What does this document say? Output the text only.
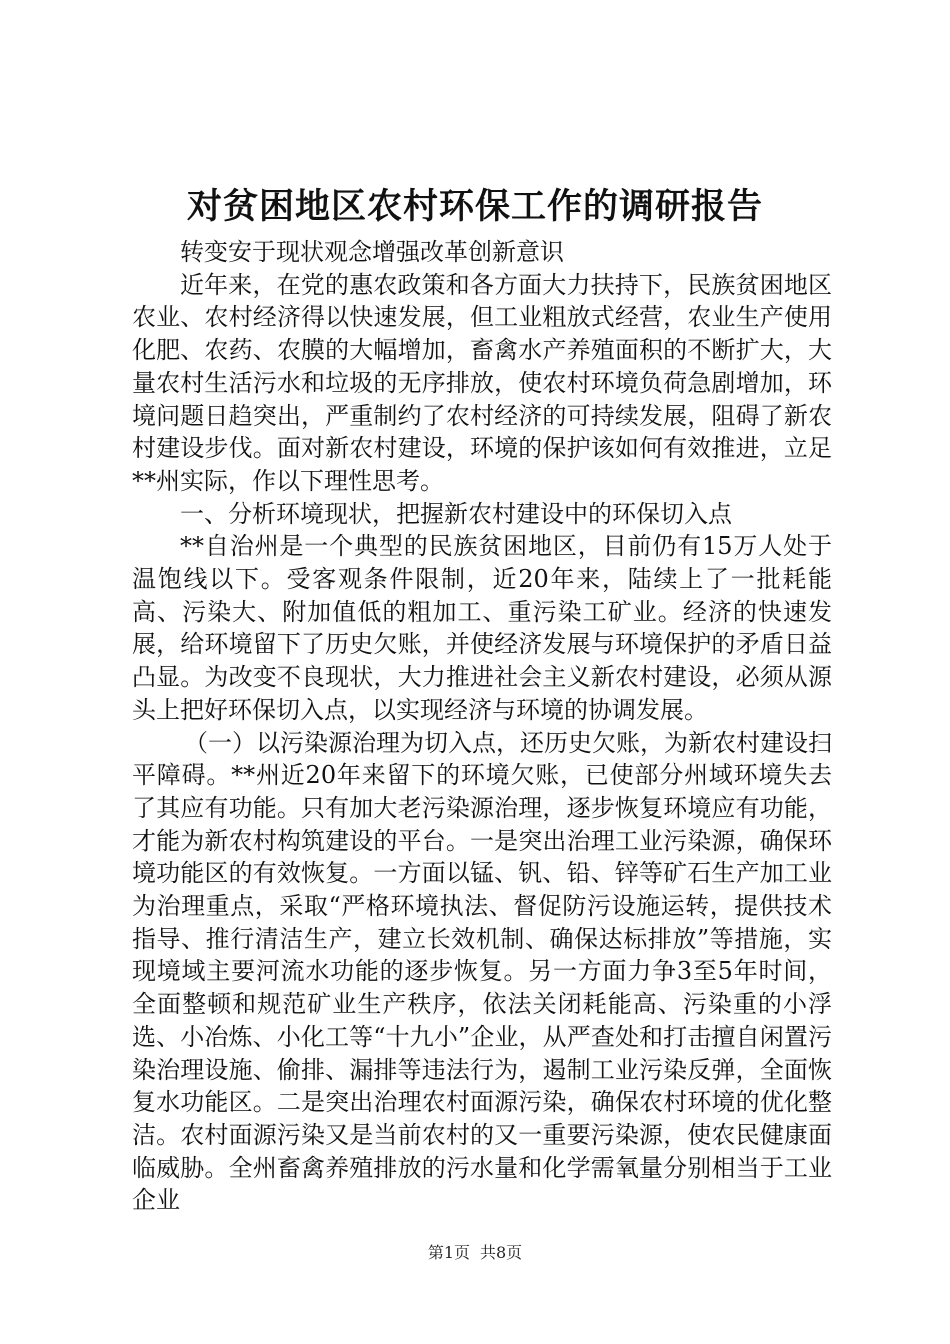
对贫困地区农村环保工作的调研报告

转变安于现状观念增强改革创新意识

近年来，在党的惠农政策和各方面大力扶持下，民族贫困地区农业、农村经济得以快速发展，但工业粗放式经营，农业生产使用化肥、农药、农膜的大幅增加，畜禽水产养殖面积的不断扩大，大量农村生活污水和垃圾的无序排放，使农村环境负荷急剧增加，环境问题日趋突出，严重制约了农村经济的可持续发展，阻碍了新农村建设步伐。面对新农村建设，环境的保护该如何有效推进，立足**州实际，作以下理性思考。

一、分析环境现状，把握新农村建设中的环保切入点

**自治州是一个典型的民族贫困地区，目前仍有15万人处于温饱线以下。受客观条件限制，近20年来，陆续上了一批耗能高、污染大、附加值低的粗加工、重污染工矿业。经济的快速发展，给环境留下了历史欠账，并使经济发展与环境保护的矛盾日益凸显。为改变不良现状，大力推进社会主义新农村建设，必须从源头上把好环保切入点，以实现经济与环境的协调发展。

（一）以污染源治理为切入点，还历史欠账，为新农村建设扫平障碍。**州近20年来留下的环境欠账，已使部分州域环境失去了其应有功能。只有加大老污染源治理，逐步恢复环境应有功能，才能为新农村构筑建设的平台。一是突出治理工业污染源，确保环境功能区的有效恢复。一方面以锰、钒、铅、锌等矿石生产加工业为治理重点，采取“严格环境执法、督促防污设施运转，提供技术指导、推行清洁生产，建立长效机制、确保达标排放”等措施，实现境域主要河流水功能的逐步恢复。另一方面力争3至5年时间，全面整顿和规范矿业生产秩序，依法关闭耗能高、污染重的小浮选、小冶炼、小化工等“十九小”企业，从严查处和打击擅自闲置污染治理设施、偷排、漏排等违法行为，遏制工业污染反弹，全面恢复水功能区。二是突出治理农村面源污染，确保农村环境的优化整洁。农村面源污染又是当前农村的又一重要污染源，使农民健康面临威胁。全州畜禽养殖排放的污水量和化学需氧量分别相当于工业企业

第1页 共8页
